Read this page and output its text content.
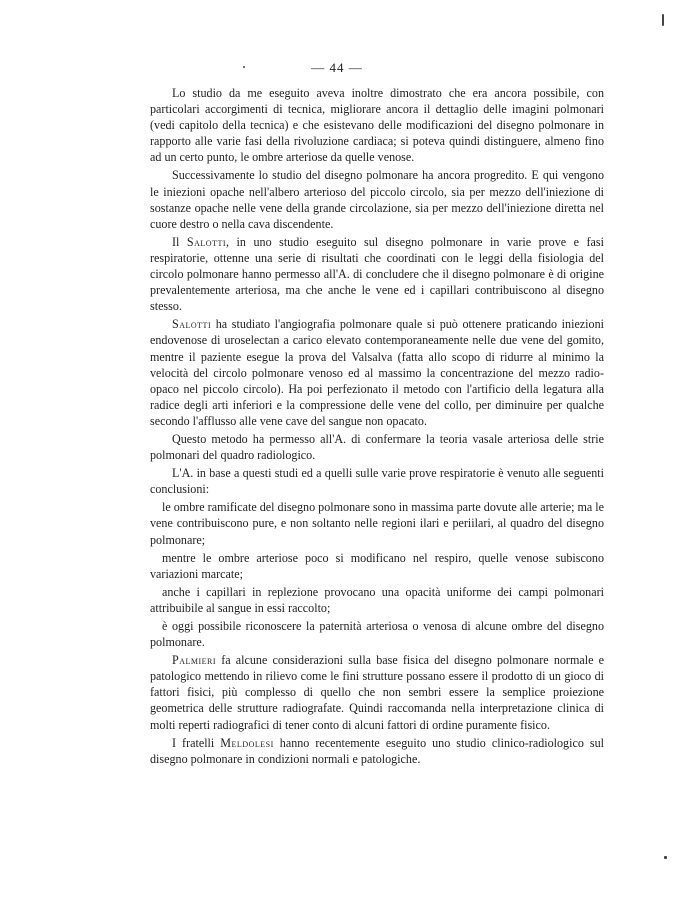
— 44 —

Lo studio da me eseguito aveva inoltre dimostrato che era ancora possibile, con particolari accorgimenti di tecnica, migliorare ancora il dettaglio delle imagini polmonari (vedi capitolo della tecnica) e che esistevano delle modificazioni del disegno polmonare in rapporto alle varie fasi della rivoluzione cardiaca; si poteva quindi distinguere, almeno fino ad un certo punto, le ombre arteriose da quelle venose.

Successivamente lo studio del disegno polmonare ha ancora progredito. E qui vengono le iniezioni opache nell'albero arterioso del piccolo circolo, sia per mezzo dell'iniezione di sostanze opache nelle vene della grande circolazione, sia per mezzo dell'iniezione diretta nel cuore destro o nella cava discendente.

Il Salotti, in uno studio eseguito sul disegno polmonare in varie prove e fasi respiratorie, ottenne una serie di risultati che coordinati con le leggi della fisiologia del circolo polmonare hanno permesso all'A. di concludere che il disegno polmonare è di origine prevalentemente arteriosa, ma che anche le vene ed i capillari contribuiscono al disegno stesso.

Salotti ha studiato l'angiografia polmonare quale si può ottenere praticando iniezioni endovenose di uroselectan a carico elevato contemporaneamente nelle due vene del gomito, mentre il paziente esegue la prova del Valsalva (fatta allo scopo di ridurre al minimo la velocità del circolo polmonare venoso ed al massimo la concentrazione del mezzo radio-opaco nel piccolo circolo). Ha poi perfezionato il metodo con l'artificio della legatura alla radice degli arti inferiori e la compressione delle vene del collo, per diminuire per qualche secondo l'afflusso alle vene cave del sangue non opacato.

Questo metodo ha permesso all'A. di confermare la teoria vasale arteriosa delle strie polmonari del quadro radiologico.

L'A. in base a questi studi ed a quelli sulle varie prove respiratorie è venuto alle seguenti conclusioni:

le ombre ramificate del disegno polmonare sono in massima parte dovute alle arterie; ma le vene contribuiscono pure, e non soltanto nelle regioni ilari e periilari, al quadro del disegno polmonare;

mentre le ombre arteriose poco si modificano nel respiro, quelle venose subiscono variazioni marcate;

anche i capillari in replezione provocano una opacità uniforme dei campi polmonari attribuibile al sangue in essi raccolto;

è oggi possibile riconoscere la paternità arteriosa o venosa di alcune ombre del disegno polmonare.

Palmieri fa alcune considerazioni sulla base fisica del disegno polmonare normale e patologico mettendo in rilievo come le fini strutture possano essere il prodotto di un gioco di fattori fisici, più complesso di quello che non sembri essere la semplice proiezione geometrica delle strutture radiografate. Quindi raccomanda nella interpretazione clinica di molti reperti radiografici di tener conto di alcuni fattori di ordine puramente fisico.

I fratelli Meldolesi hanno recentemente eseguito uno studio clinico-radiologico sul disegno polmonare in condizioni normali e patologiche.
